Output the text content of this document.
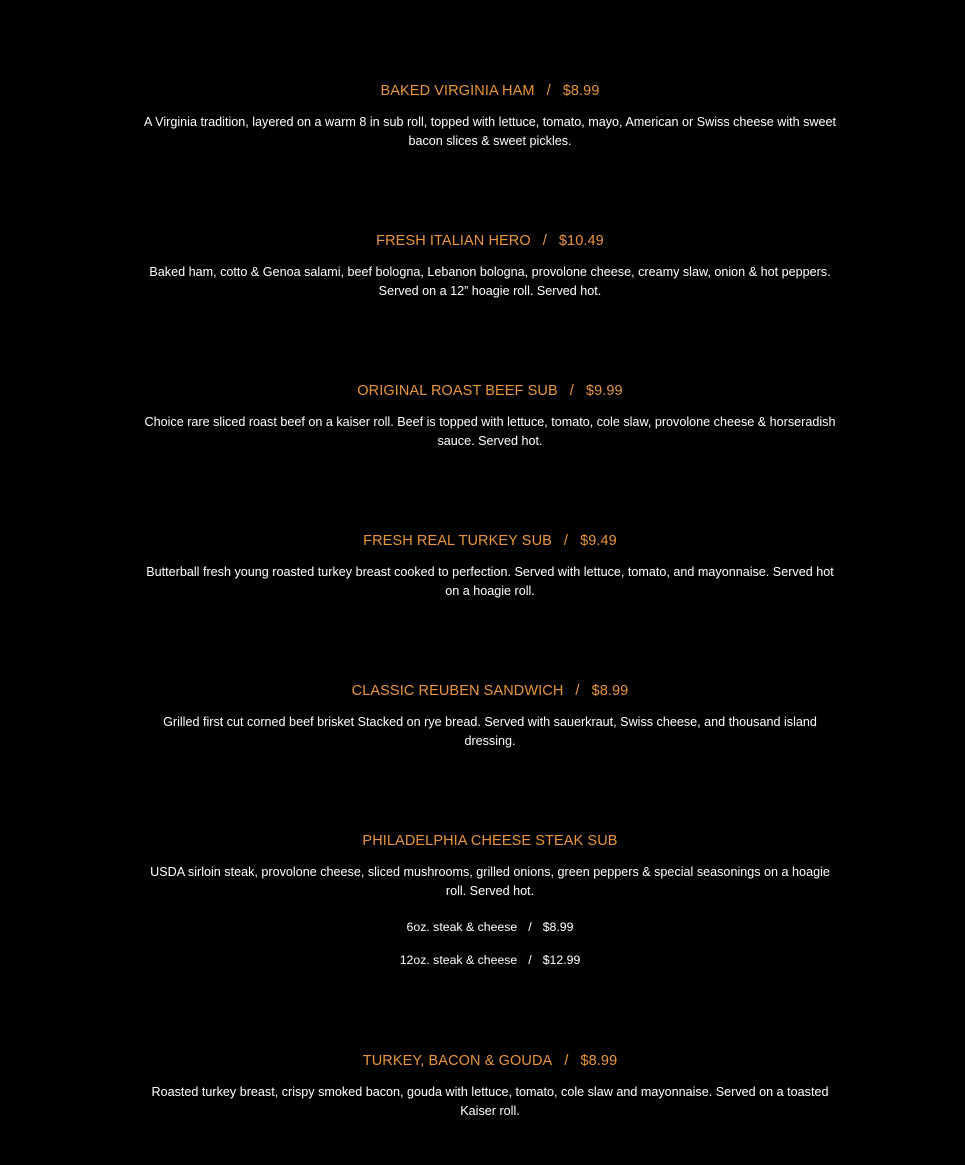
BAKED VIRGINIA HAM / $8.99
A Virginia tradition, layered on a warm 8 in sub roll, topped with lettuce, tomato, mayo, American or Swiss cheese with sweet bacon slices & sweet pickles.
FRESH ITALIAN HERO / $10.49
Baked ham, cotto & Genoa salami, beef bologna, Lebanon bologna, provolone cheese, creamy slaw, onion & hot peppers. Served on a 12” hoagie roll. Served hot.
ORIGINAL ROAST BEEF SUB / $9.99
Choice rare sliced roast beef on a kaiser roll. Beef is topped with lettuce, tomato, cole slaw, provolone cheese & horseradish sauce. Served hot.
FRESH REAL TURKEY SUB / $9.49
Butterball fresh young roasted turkey breast cooked to perfection. Served with lettuce, tomato, and mayonnaise. Served hot on a hoagie roll.
CLASSIC REUBEN SANDWICH / $8.99
Grilled first cut corned beef brisket Stacked on rye bread. Served with sauerkraut, Swiss cheese, and thousand island dressing.
PHILADELPHIA CHEESE STEAK SUB
USDA sirloin steak, provolone cheese, sliced mushrooms, grilled onions, green peppers & special seasonings on a hoagie roll. Served hot.
6oz. steak & cheese / $8.99
12oz. steak & cheese / $12.99
TURKEY, BACON & GOUDA / $8.99
Roasted turkey breast, crispy smoked bacon, gouda with lettuce, tomato, cole slaw and mayonnaise. Served on a toasted Kaiser roll.
